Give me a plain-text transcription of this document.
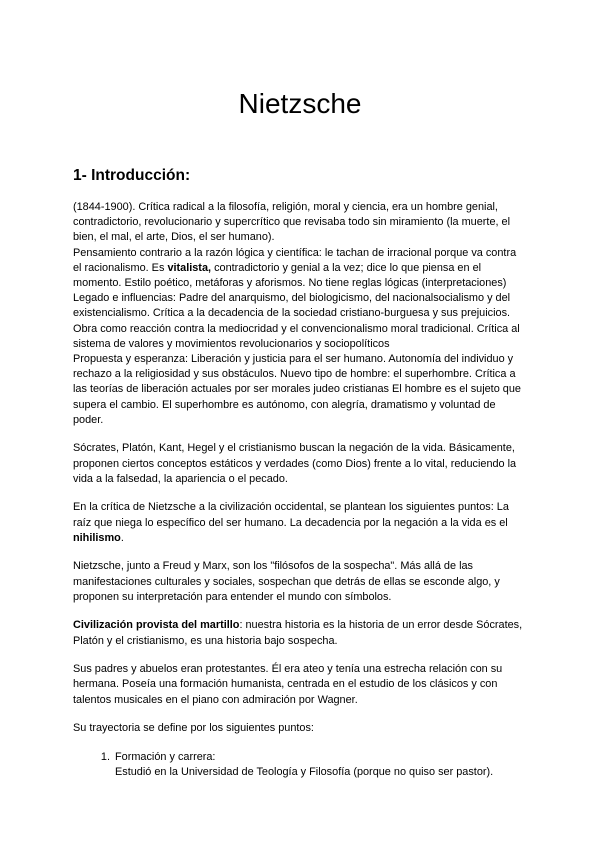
Nietzsche
1- Introducción:

(1844-1900). Crítica radical a la filosofía, religión, moral y ciencia, era un hombre genial, contradictorio, revolucionario y supercrítico que revisaba todo sin miramiento (la muerte, el bien, el mal, el arte, Dios, el ser humano).
Pensamiento contrario a la razón lógica y científica: le tachan de irracional porque va contra el racionalismo. Es vitalista, contradictorio y genial a la vez; dice lo que piensa en el momento. Estilo poético, metáforas y aforismos. No tiene reglas lógicas (interpretaciones)
Legado e influencias: Padre del anarquismo, del biologicismo, del nacionalsocialismo y del existencialismo. Crítica a la decadencia de la sociedad cristiano-burguesa y sus prejuicios. Obra como reacción contra la mediocridad y el convencionalismo moral tradicional. Crítica al sistema de valores y movimientos revolucionarios y sociopolíticos
Propuesta y esperanza: Liberación y justicia para el ser humano. Autonomía del individuo y rechazo a la religiosidad y sus obstáculos. Nuevo tipo de hombre: el superhombre. Crítica a las teorías de liberación actuales por ser morales judeo cristianas El hombre es el sujeto que supera el cambio. El superhombre es autónomo, con alegría, dramatismo y voluntad de poder.

Sócrates, Platón, Kant, Hegel y el cristianismo buscan la negación de la vida. Básicamente, proponen ciertos conceptos estáticos y verdades (como Dios) frente a lo vital, reduciendo la vida a la falsedad, la apariencia o el pecado.

En la crítica de Nietzsche a la civilización occidental, se plantean los siguientes puntos: La raíz que niega lo específico del ser humano. La decadencia por la negación a la vida es el nihilismo.

Nietzsche, junto a Freud y Marx, son los "filósofos de la sospecha". Más allá de las manifestaciones culturales y sociales, sospechan que detrás de ellas se esconde algo, y proponen su interpretación para entender el mundo con símbolos.

Civilización provista del martillo: nuestra historia es la historia de un error desde Sócrates, Platón y el cristianismo, es una historia bajo sospecha.

Sus padres y abuelos eran protestantes. Él era ateo y tenía una estrecha relación con su hermana. Poseía una formación humanista, centrada en el estudio de los clásicos y con talentos musicales en el piano con admiración por Wagner.

Su trayectoria se define por los siguientes puntos:

1. Formación y carrera:
Estudió en la Universidad de Teología y Filosofía (porque no quiso ser pastor).
